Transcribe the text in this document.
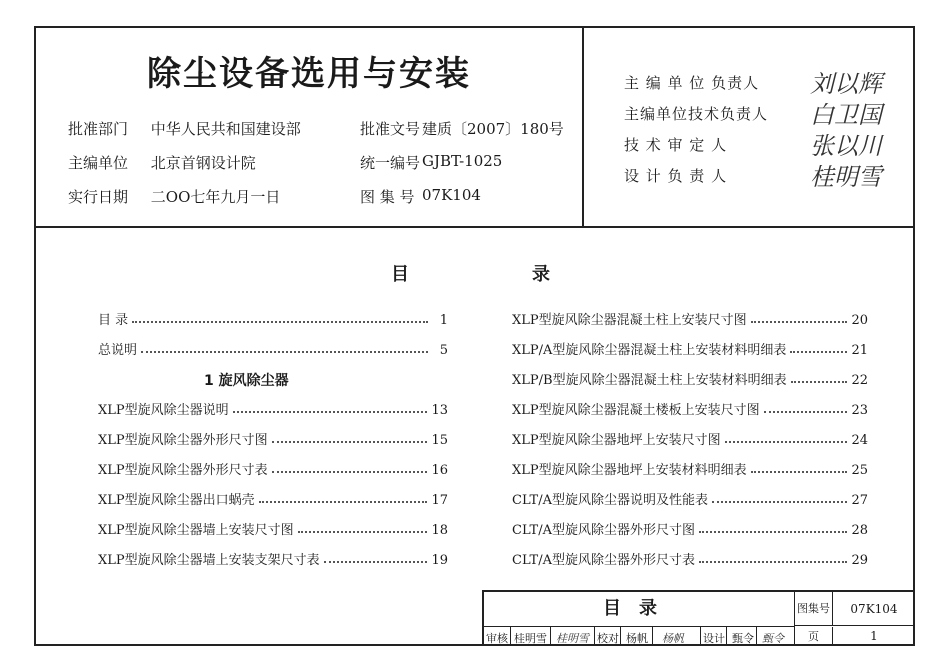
除尘设备选用与安装
批准部门 中华人民共和国建设部	批准文号 建质〔2007〕180号
主编单位 北京首钢设计院	统一编号 GJBT-1025
实行日期 二OO七年九月一日	图 集 号 07K104
主 编 单 位 负责人 刘以辉
主编单位技术负责人 白卫国
技 术 审 定 人	张以川
设 计 负 责 人	桂明雪
目	录
目 录	1
总说明	5
1 旋风除尘器
XLP型旋风除尘器说明	13
XLP型旋风除尘器外形尺寸图	15
XLP型旋风除尘器外形尺寸表	16
XLP型旋风除尘器出口蜗壳	17
XLP型旋风除尘器墙上安装尺寸图	18
XLP型旋风除尘器墙上安装支架尺寸表	19
XLP型旋风除尘器混凝土柱上安装尺寸图	20
XLP/A型旋风除尘器混凝土柱上安装材料明细表	21
XLP/B型旋风除尘器混凝土柱上安装材料明细表	22
XLP型旋风除尘器混凝土楼板上安装尺寸图	23
XLP型旋风除尘器地坪上安装尺寸图	24
XLP型旋风除尘器地坪上安装材料明细表	25
CLT/A型旋风除尘器说明及性能表	27
CLT/A型旋风除尘器外形尺寸图	28
CLT/A型旋风除尘器外形尺寸表	29
目录	图集号	07K104
页	1
审核 桂明雪 桂明雪 校对 杨帆 杨帆 设计 甄令 甄令
